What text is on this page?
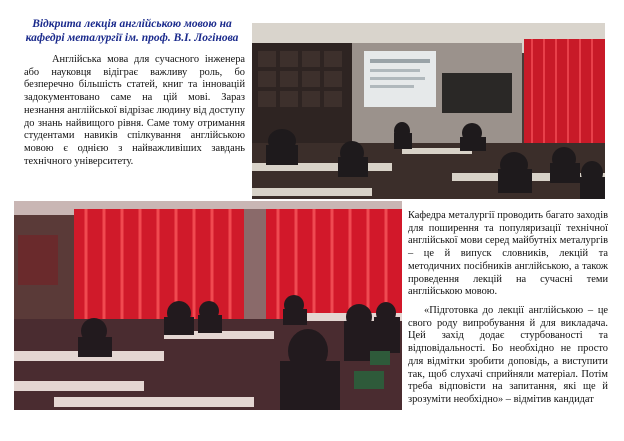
Відкрита лекція англійською мовою на кафедрі металургії ім. проф. В.І. Логінова

Англійська мова для сучасного інженера або науковця відіграє важливу роль, бо безперечно більшість статей, книг та інновацій задокументовано саме на цій мові. Зараз незнання англійської відрізає людину від доступу до знань найвищого рівня. Саме тому отримання студентами навиків спілкування англійською мовою є однією з найважливіших завдань технічного університету.

Кафедра металургії проводить багато заходів для поширення та популяризації технічної англійської мови серед майбутніх металургів – це й випуск словників, лекцій та методичних посібників англійською, а також проведення лекцій на сучасні теми англійською мовою.

«Підготовка до лекції англійською – це свого роду випробування й для викладача. Цей захід додає стурбованості та відповідальності. Бо необхідно не просто для відмітки зробити доповідь, а виступити так, щоб слухачі сприйняли матеріал. Потім треба відповісти на запитання, які ще й зрозуміти необхідно» – відмітив кандидат
